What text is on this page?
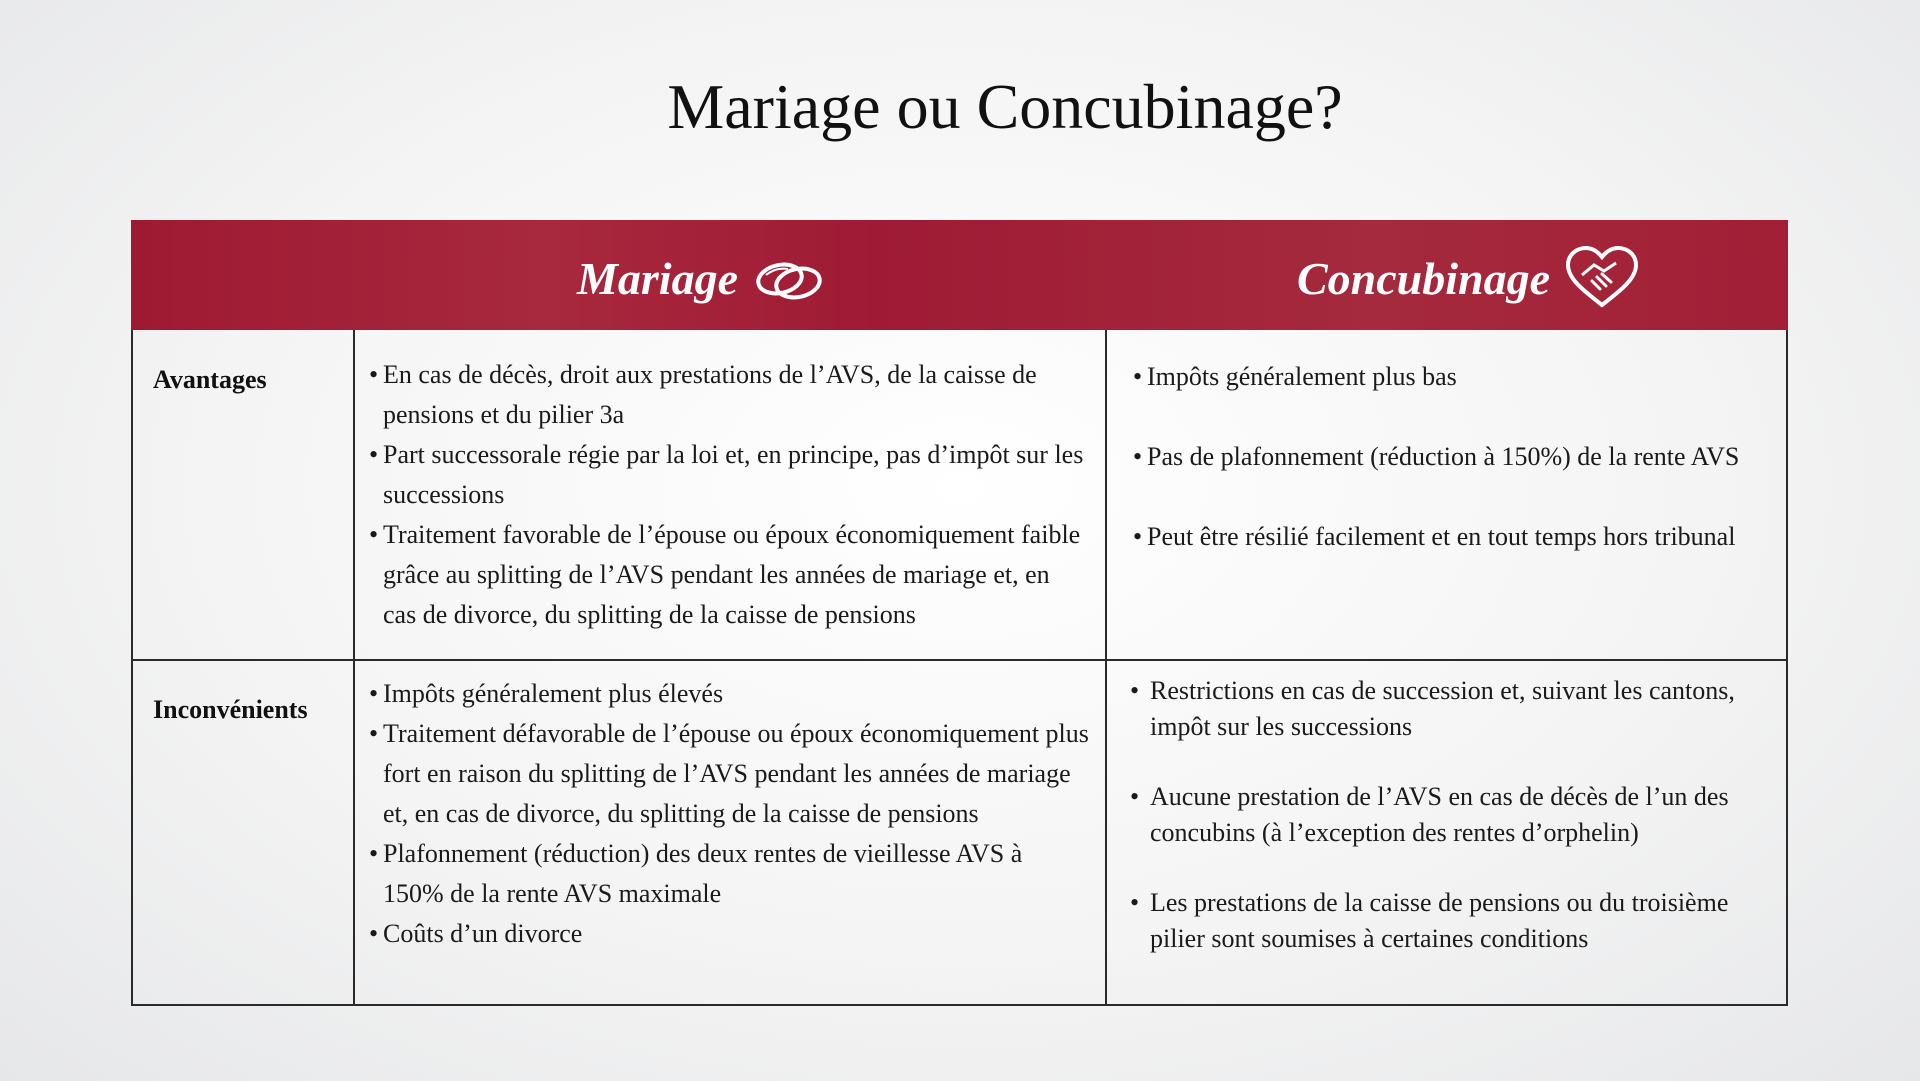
Mariage ou Concubinage?
Mariage	Concubinage
Avantages
Inconvénients
• En cas de décès, droit aux prestations de l’AVS, de la caisse de pensions et du pilier 3a
• Part successorale régie par la loi et, en principe, pas d’impôt sur les successions
• Traitement favorable de l’épouse ou époux économiquement faible grâce au splitting de l’AVS pendant les années de mariage et, en cas de divorce, du splitting de la caisse de pensions
• Impôts généralement plus bas
• Pas de plafonnement (réduction à 150%) de la rente AVS
• Peut être résilié facilement et en tout temps hors tribunal
• Impôts généralement plus élevés
• Traitement défavorable de l’épouse ou époux économiquement plus fort en raison du splitting de l’AVS pendant les années de mariage et, en cas de divorce, du splitting de la caisse de pensions
• Plafonnement (réduction) des deux rentes de vieillesse AVS à 150% de la rente AVS maximale
• Coûts d’un divorce
• Restrictions en cas de succession et, suivant les cantons, impôt sur les successions
• Aucune prestation de l’AVS en cas de décès de l’un des concubins (à l’exception des rentes d’orphelin)
• Les prestations de la caisse de pensions ou du troisième pilier sont soumises à certaines conditions
